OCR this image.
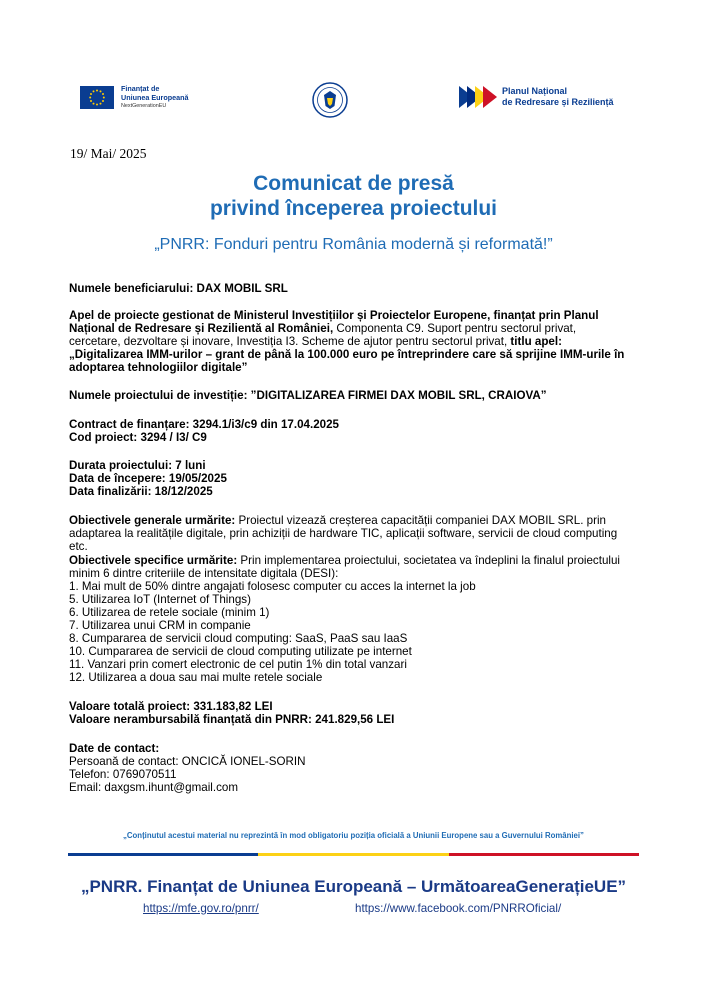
Finanțat de
Uniunea Europeană
NextGenerationEU
Planul Național
de Redresare și Reziliență
19/ Mai/ 2025
Comunicat de presă
privind începerea proiectului
„PNRR: Fonduri pentru România modernă și reformată!”
Numele beneficiarului: DAX MOBIL SRL
Apel de proiecte gestionat de Ministerul Investițiilor și Proiectelor Europene, finanțat prin Planul
Național de Redresare și Rezilientă al României, Componenta C9. Suport pentru sectorul privat,
cercetare, dezvoltare și inovare, Investiția I3. Scheme de ajutor pentru sectorul privat, titlu apel:
„Digitalizarea IMM-urilor – grant de până la 100.000 euro pe întreprindere care să sprijine IMM-urile în
adoptarea tehnologiilor digitale”
Numele proiectului de investiție: ”DIGITALIZAREA FIRMEI DAX MOBIL SRL, CRAIOVA”
Contract de finanțare: 3294.1/i3/c9 din 17.04.2025
Cod proiect: 3294 / I3/ C9
Durata proiectului: 7 luni
Data de începere: 19/05/2025
Data finalizării: 18/12/2025
Obiectivele generale urmărite: Proiectul vizează creșterea capacității companiei DAX MOBIL SRL. prin
adaptarea la realitățile digitale, prin achiziții de hardware TIC, aplicații software, servicii de cloud computing
etc.
Obiectivele specifice urmărite: Prin implementarea proiectului, societatea va îndeplini la finalul proiectului
minim 6 dintre criteriile de intensitate digitala (DESI):
1. Mai mult de 50% dintre angajati folosesc computer cu acces la internet la job
5. Utilizarea IoT (Internet of Things)
6. Utilizarea de retele sociale (minim 1)
7. Utilizarea unui CRM in companie
8. Cumpararea de servicii cloud computing: SaaS, PaaS sau IaaS
10. Cumpararea de servicii de cloud computing utilizate pe internet
11. Vanzari prin comert electronic de cel putin 1% din total vanzari
12. Utilizarea a doua sau mai multe retele sociale
Valoare totală proiect: 331.183,82 LEI
Valoare nerambursabilă finanțată din PNRR: 241.829,56 LEI
Date de contact:
Persoană de contact: ONCICĂ IONEL-SORIN
Telefon: 0769070511
Email: daxgsm.ihunt@gmail.com
„Conținutul acestui material nu reprezintă în mod obligatoriu poziția oficială a Uniunii Europene sau a Guvernului României”
„PNRR. Finanțat de Uniunea Europeană – UrmătoareaGenerațieUE”
https://mfe.gov.ro/pnrr/	https://www.facebook.com/PNRROficial/
